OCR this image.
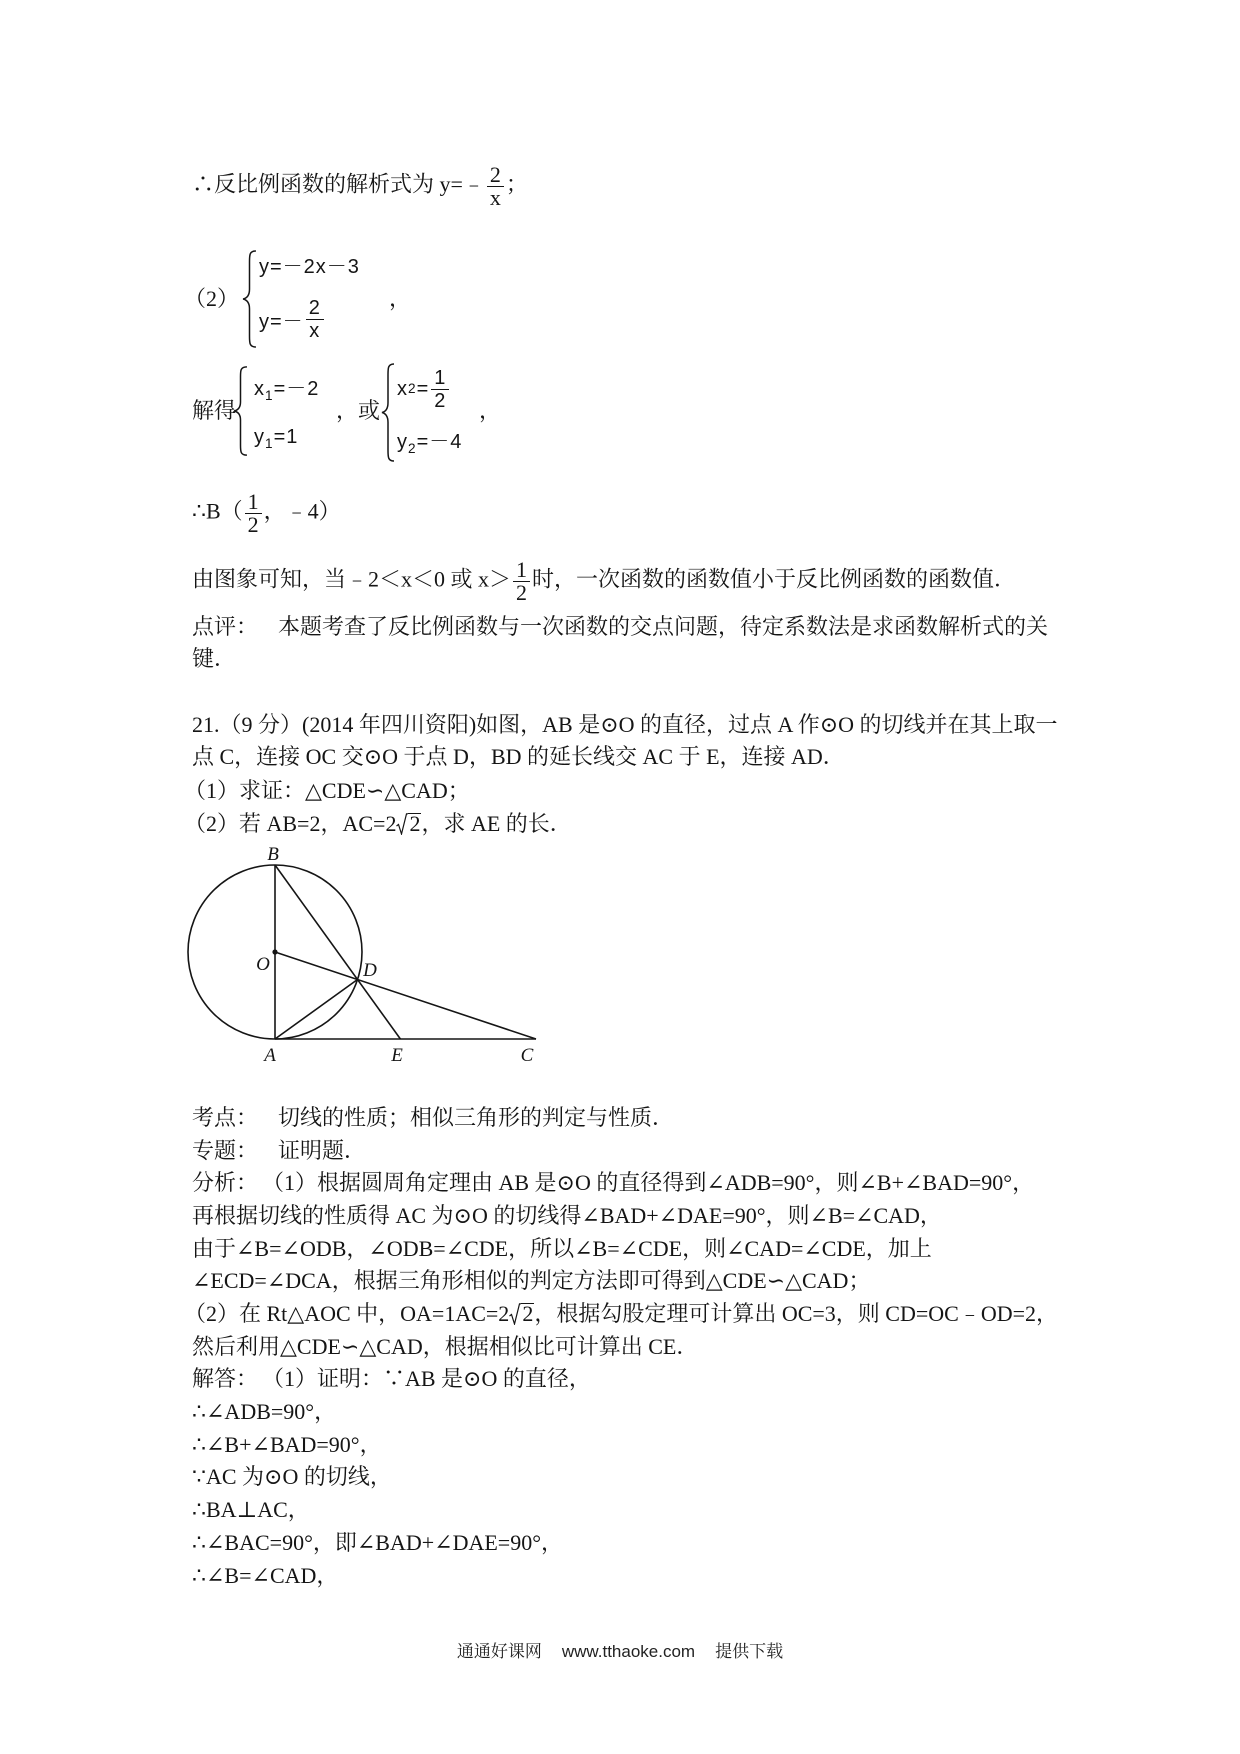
∴反比例函数的解析式为 y=﹣ $\frac{2}{x}$ ；
（2）
y=－2x－3
$y=- \frac{2}{x}$	，
解得
$x_1=-2$
$y_1=1$
，或
x $2 = \frac{1}{2}$
$y_2=-4$
，
∴B（ $\frac{1}{2}$ ，﹣4）
由图象可知，当﹣2＜x＜0 或 $x> \frac{1}{2}$ 时，一次函数的函数值小于反比例函数的函数值．
点评： 本题考查了反比例函数与一次函数的交点问题，待定系数法是求函数解析式的关
键．
21.（9 分）(2014 年四川资阳)如图，AB 是⊙O 的直径，过点 A 作⊙O 的切线并在其上取一
点 C，连接 OC 交⊙O 于点 D，BD 的延长线交 AC 于 E，连接 AD．
（1）求证：△CDE∽△CAD；
（2）若 AB=2，AC=2 2，求 AE 的长．
B
O
A	E	C
D
考点： 切线的性质；相似三角形的判定与性质．
专题： 证明题．
分析： （1）根据圆周角定理由 AB 是⊙O 的直径得到∠ADB=90°，则∠B+∠BAD=90°，
再根据切线的性质得 AC 为⊙O 的切线得∠BAD+∠DAE=90°，则∠B=∠CAD，
由于∠B=∠ODB，∠ODB=∠CDE，所以∠B=∠CDE，则∠CAD=∠CDE，加上
∠ECD=∠DCA，根据三角形相似的判定方法即可得到△CDE∽△CAD；
（2）在 Rt△AOC 中，OA=1AC=2 2，根据勾股定理可计算出 OC=3，则 CD=OC﹣OD=2，
然后利用△CDE∽△CAD，根据相似比可计算出 CE．
解答： （1）证明：∵AB 是⊙O 的直径，
∴∠ADB=90°，
∴∠B+∠BAD=90°，
∵AC 为⊙O 的切线，
∴BA⊥AC，
∴∠BAC=90°，即∠BAD+∠DAE=90°，
∴∠B=∠CAD，
通通好课网 www.tthaoke.com 提供下载
